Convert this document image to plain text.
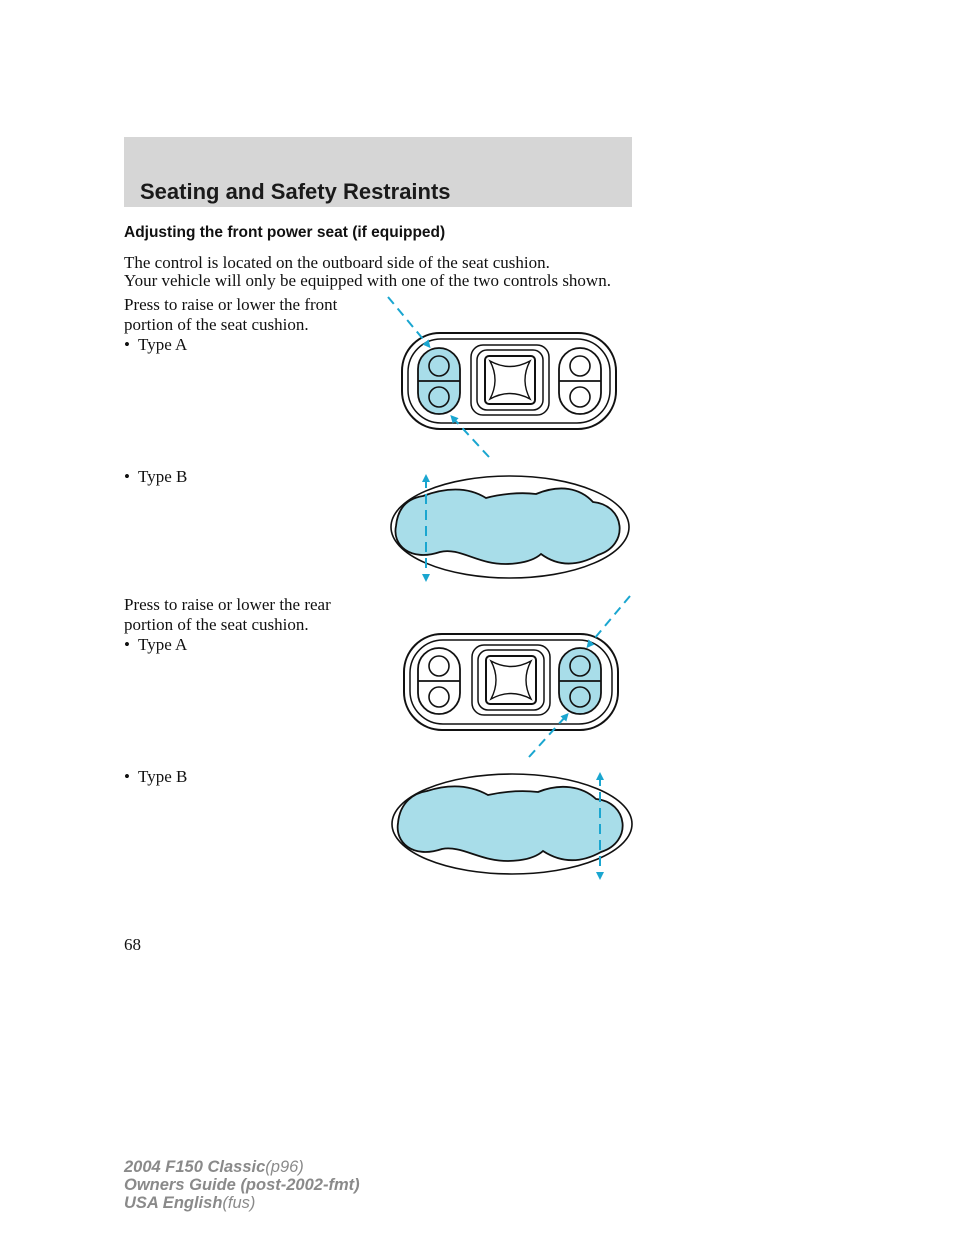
Seating and Safety Restraints
Adjusting the front power seat (if equipped)
The control is located on the outboard side of the seat cushion.
Your vehicle will only be equipped with one of the two controls shown.
Press to raise or lower the front portion of the seat cushion.
• Type A
• Type B
Press to raise or lower the rear portion of the seat cushion.
• Type A
• Type B
68
2004 F150 Classic(p96)
Owners Guide (post-2002-fmt)
USA English(fus)
